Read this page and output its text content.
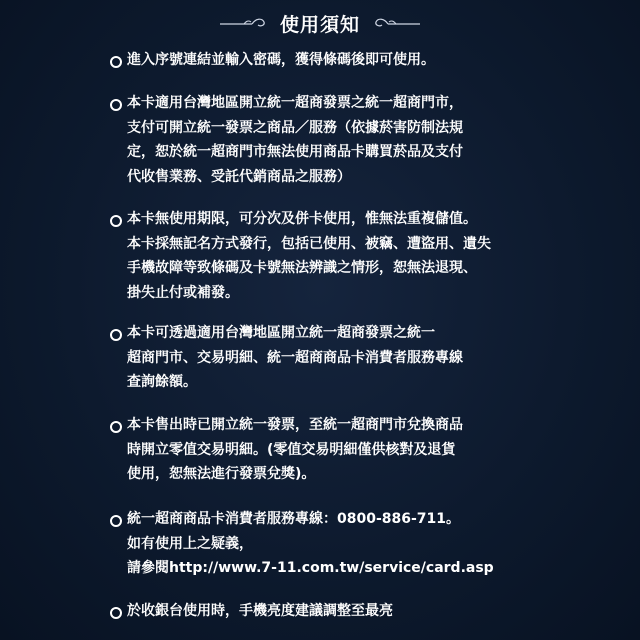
使用須知
進入序號連結並輸入密碼，獲得條碼後即可使用。
本卡適用台灣地區開立統一超商發票之統一超商門市，
支付可開立統一發票之商品／服務（依據菸害防制法規
定，恕於統一超商門市無法使用商品卡購買菸品及支付
代收售業務、受託代銷商品之服務）
本卡無使用期限，可分次及併卡使用，惟無法重複儲值。
本卡採無記名方式發行，包括已使用、被竊、遭盜用、遺失
手機故障等致條碼及卡號無法辨識之情形，恕無法退現、
掛失止付或補發。
本卡可透過適用台灣地區開立統一超商發票之統一
超商門市、交易明細、統一超商商品卡消費者服務專線
查詢餘額。
本卡售出時已開立統一發票，至統一超商門市兌換商品
時開立零值交易明細。(零值交易明細僅供核對及退貨
使用，恕無法進行發票兌獎)。
統一超商商品卡消費者服務專線：0800-886-711。
如有使用上之疑義，
請參閱http://www.7-11.com.tw/service/card.asp
於收銀台使用時，手機亮度建議調整至最亮
